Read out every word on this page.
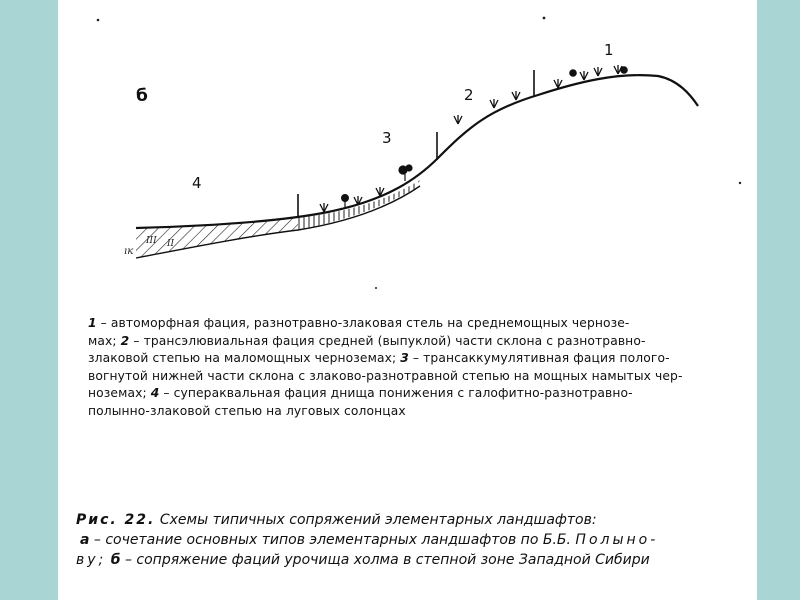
ıк
III II
б
1
2
3
4
1 – автоморфная фация, разнотравно-злаковая стель на среднемощных чернозе-
мах; 2 – трансэлювиальная фация средней (выпуклой) части склона с разнотравно-
злаковой степью на маломощных черноземах; 3 – трансаккумулятивная фация полого-
вогнутой нижней части склона с злаково-разнотравной степью на мощных намытых чер-
ноземах; 4 – супераквальная фация днища понижения с галофитно-разнотравно-
полынно-злаковой степью на луговых солонцах
Рис. 22. Схемы типичных сопряжений элементарных ландшафтов:
а – сочетание основных типов элементарных ландшафтов по Б.Б. Полыно-
ву; б – сопряжение фаций урочища холма в степной зоне Западной Сибири
